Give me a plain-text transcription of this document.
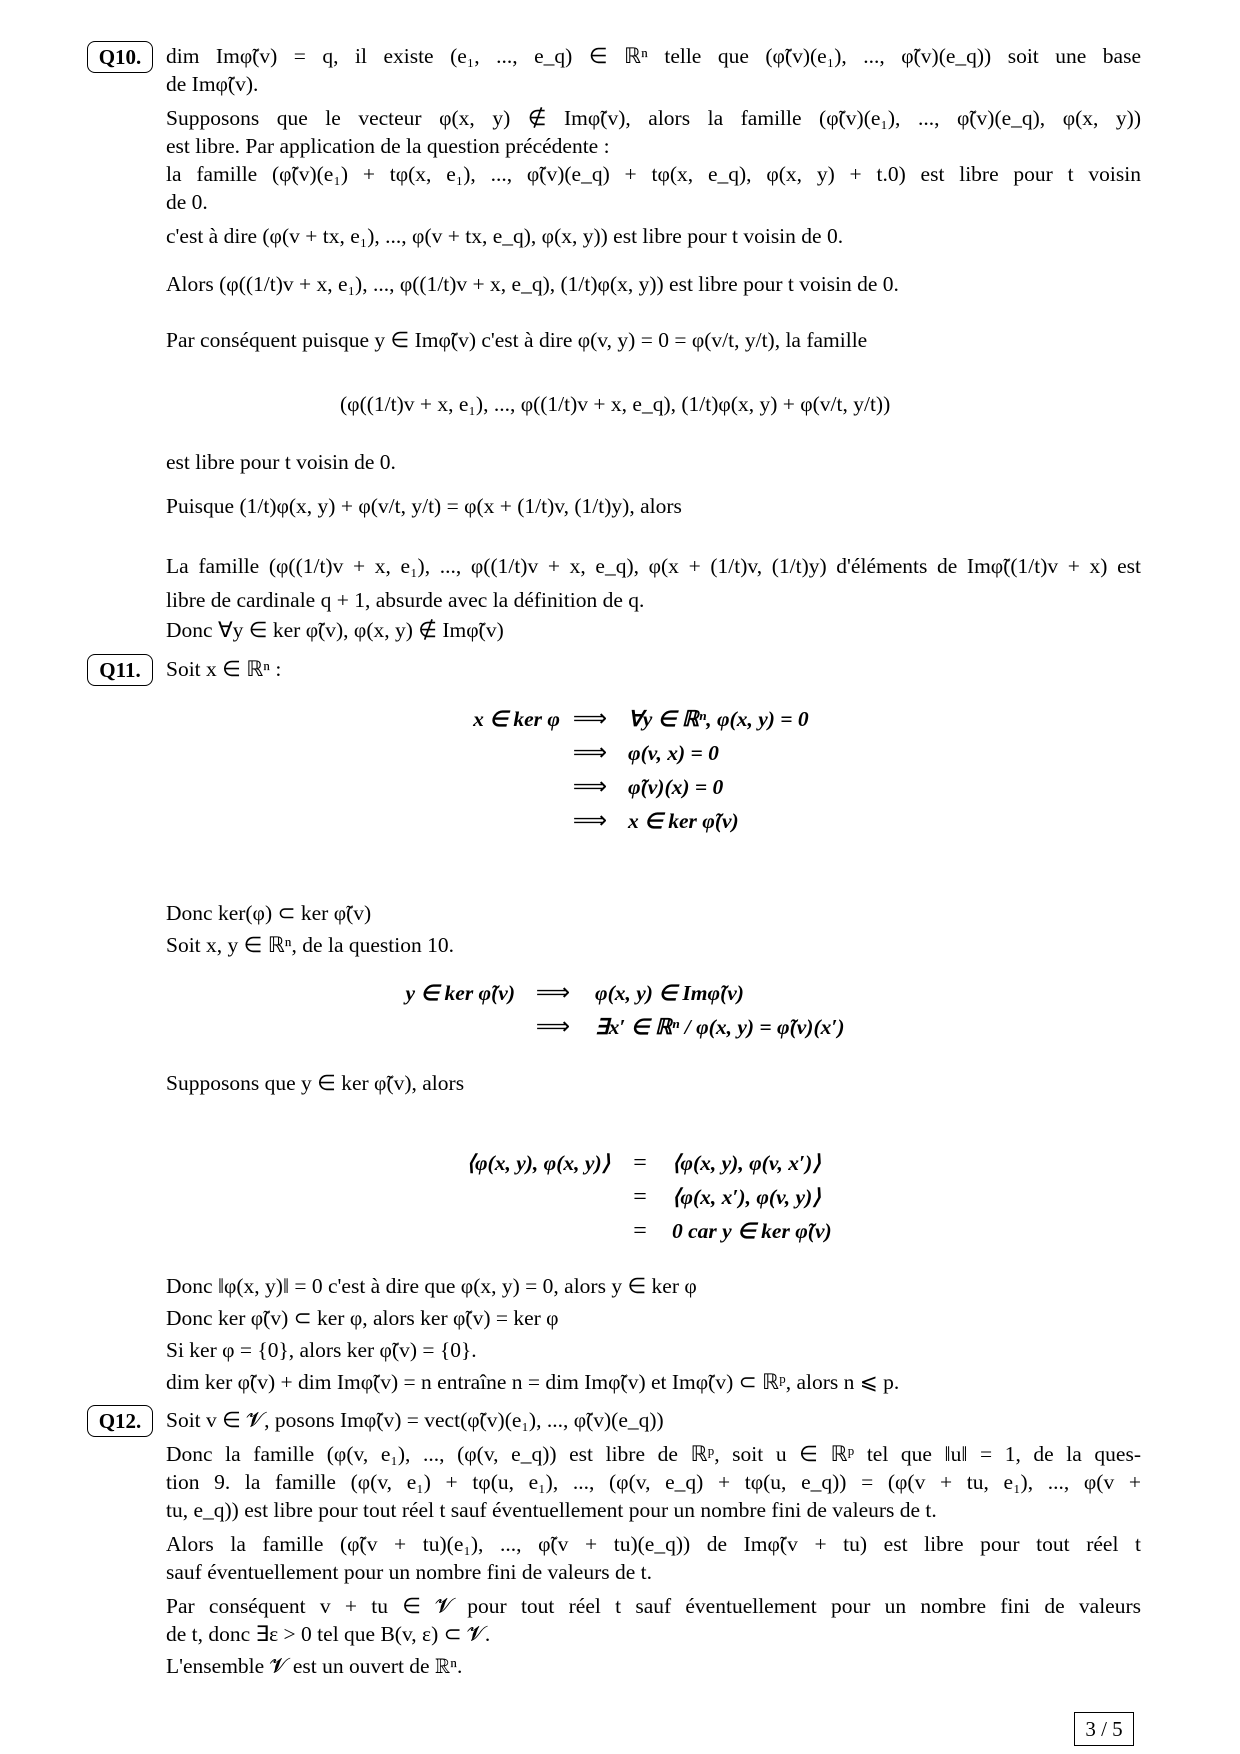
Q10.	dim Imφ̃(v) = q, il existe (e₁, ..., e_q) ∈ ℝⁿ telle que (φ̃(v)(e₁), ..., φ̃(v)(e_q)) soit une base
de Imφ̃(v).
Supposons que le vecteur φ(x, y) ∉ Imφ̃(v), alors la famille (φ̃(v)(e₁), ..., φ̃(v)(e_q), φ(x, y))
est libre. Par application de la question précédente :
la famille (φ̃(v)(e₁) + tφ(x, e₁), ..., φ̃(v)(e_q) + tφ(x, e_q), φ(x, y) + t.0) est libre pour t voisin
de 0.
c'est à dire (φ(v + tx, e₁), ..., φ(v + tx, e_q), φ(x, y)) est libre pour t voisin de 0.
Alors (φ((1/t)v + x, e₁), ..., φ((1/t)v + x, e_q), (1/t)φ(x, y)) est libre pour t voisin de 0.
Par conséquent puisque y ∈ Imφ̃(v) c'est à dire φ(v, y) = 0 = φ(v/t, y/t), la famille
(φ((1/t)v + x, e₁), ..., φ((1/t)v + x, e_q), (1/t)φ(x, y) + φ(v/t, y/t))
est libre pour t voisin de 0.
Puisque (1/t)φ(x, y) + φ(v/t, y/t) = φ(x + (1/t)v, (1/t)y), alors
La famille (φ((1/t)v + x, e₁), ..., φ((1/t)v + x, e_q), φ(x + (1/t)v, (1/t)y) d'éléments de Imφ̃((1/t)v + x) est
libre de cardinale q + 1, absurde avec la définition de q.
Donc ∀y ∈ ker φ̃(v), φ(x, y) ∉ Imφ̃(v)
Q11.	Soit x ∈ ℝⁿ :
x ∈ ker φ ⟹ ∀y ∈ ℝⁿ, φ(x, y) = 0
⟹ φ(v, x) = 0
⟹ φ̃(v)(x) = 0
⟹ x ∈ ker φ̃(v)
Donc ker(φ) ⊂ ker φ̃(v)
Soit x, y ∈ ℝⁿ, de la question 10.
y ∈ ker φ̃(v) ⟹	φ(x, y) ∈ Imφ̃(v)
⟹	∃x′ ∈ ℝⁿ / φ(x, y) = φ̃(v)(x′)
Supposons que y ∈ ker φ̃(v), alors
⟨φ(x, y), φ(x, y)⟩ =	⟨φ(x, y), φ(v, x′)⟩
=	⟨φ(x, x′), φ(v, y)⟩
=	0 car y ∈ ker φ̃(v)
Donc ‖φ(x, y)‖ = 0 c'est à dire que φ(x, y) = 0, alors y ∈ ker φ
Donc ker φ̃(v) ⊂ ker φ, alors ker φ̃(v) = ker φ
Si ker φ = {0}, alors ker φ̃(v) = {0}.
dim ker φ̃(v) + dim Imφ̃(v) = n entraîne n = dim Imφ̃(v) et Imφ̃(v) ⊂ ℝᵖ, alors n ⩽ p.
Q12.	Soit v ∈ 𝓥, posons Imφ̃(v) = vect(φ̃(v)(e₁), ..., φ̃(v)(e_q))
Donc la famille (φ(v, e₁), ..., (φ(v, e_q)) est libre de ℝᵖ, soit u ∈ ℝᵖ tel que ‖u‖ = 1, de la ques-
tion 9. la famille (φ(v, e₁) + tφ(u, e₁), ..., (φ(v, e_q) + tφ(u, e_q)) = (φ(v + tu, e₁), ..., φ(v +
tu, e_q)) est libre pour tout réel t sauf éventuellement pour un nombre fini de valeurs de t.
Alors la famille (φ̃(v + tu)(e₁), ..., φ̃(v + tu)(e_q)) de Imφ̃(v + tu) est libre pour tout réel t
sauf éventuellement pour un nombre fini de valeurs de t.
Par conséquent v + tu ∈ 𝓥 pour tout réel t sauf éventuellement pour un nombre fini de valeurs
de t, donc ∃ε > 0 tel que B(v, ε) ⊂ 𝓥.
L'ensemble 𝓥 est un ouvert de ℝⁿ.
3 / 5
